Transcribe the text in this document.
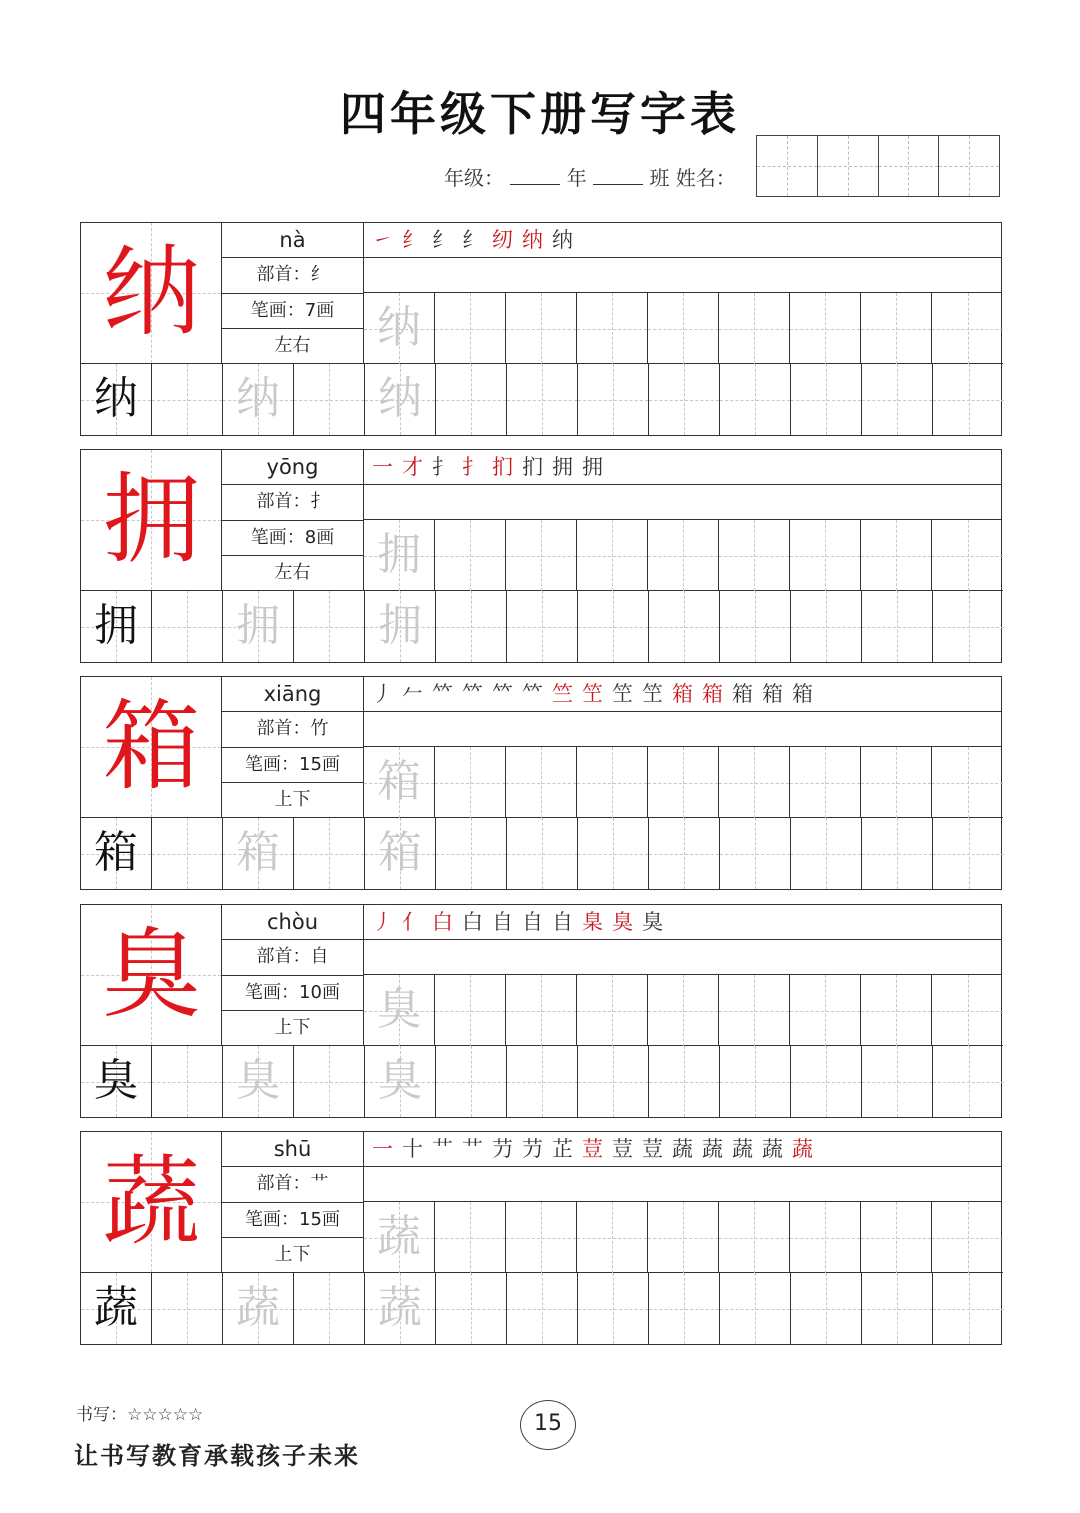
四年级下册写字表
年级：	年	班 姓名：
纳	nà
部首：纟
笔画：7画
左右
㇀ 纟 纟 纟 纫 纳 纳
纳
纳 纳 纳
拥	yōng
部首：扌
笔画：8画
左右
一 才 扌 扌 扪 扪 拥 拥
拥
拥 拥 拥
箱	xiāng
部首：竹
笔画：15画
上下
丿 𠂉 𥫗 𥫗 𥫗 𥫗 竺 笁 笁 笁 箱 箱 箱 箱 箱
箱
箱 箱 箱
臭	chòu
部首：自
笔画：10画
上下
丿 亻 白 白 自 自 自 臬 臭 臭
臭
臭 臭 臭
蔬	shū
部首：艹
笔画：15画
上下
一 十 艹 艹 芀 芀 芷 荳 荳 荳 蔬 蔬 蔬 蔬 蔬
蔬
蔬 蔬 蔬
书写：☆☆☆☆☆
让书写教育承载孩子未来
15
